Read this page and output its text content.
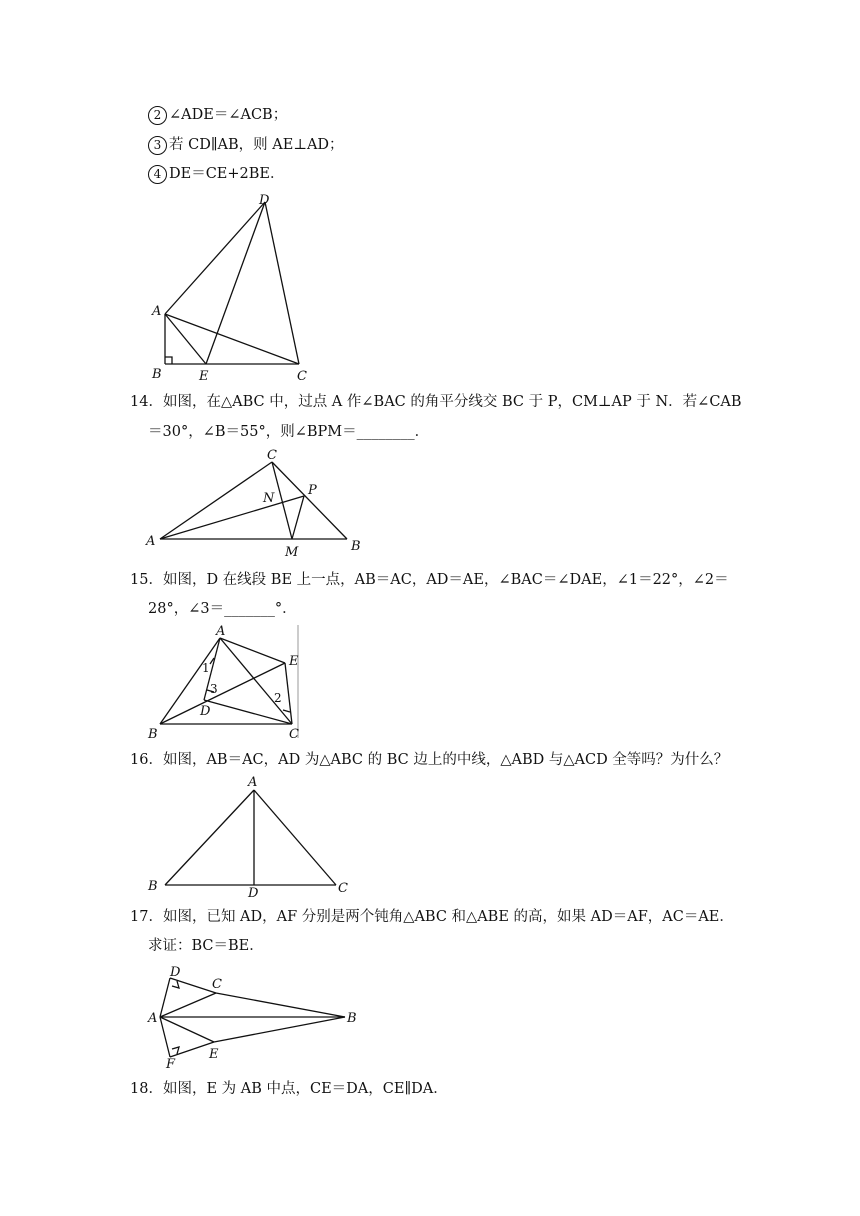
2 ∠ADE＝∠ACB；
3 若 CD∥AB，则 AE⊥AD；
4 DE＝CE+2BE．
D
A
B	E	C
14．如图，在△ABC 中，过点 A 作∠BAC 的角平分线交 BC 于 P，CM⊥AP 于 N．若∠CAB
＝30°，∠B＝55°，则∠BPM＝________．
C
N
P
A
M	B
15．如图，D 在线段 BE 上一点，AB＝AC，AD＝AE，∠BAC＝∠DAE，∠1＝22°，∠2＝
28°，∠3＝_______°．
A
E
B
D
C
1
3
2
16．如图，AB＝AC，AD 为△ABC 的 BC 边上的中线，△ABD 与△ACD 全等吗？为什么？
A
B	D	C
17．如图，已知 AD，AF 分别是两个钝角△ABC 和△ABE 的高，如果 AD＝AF，AC＝AE．
求证：BC＝BE．
D
C
A	B
E
F
18．如图，E 为 AB 中点，CE＝DA，CE∥DA．
